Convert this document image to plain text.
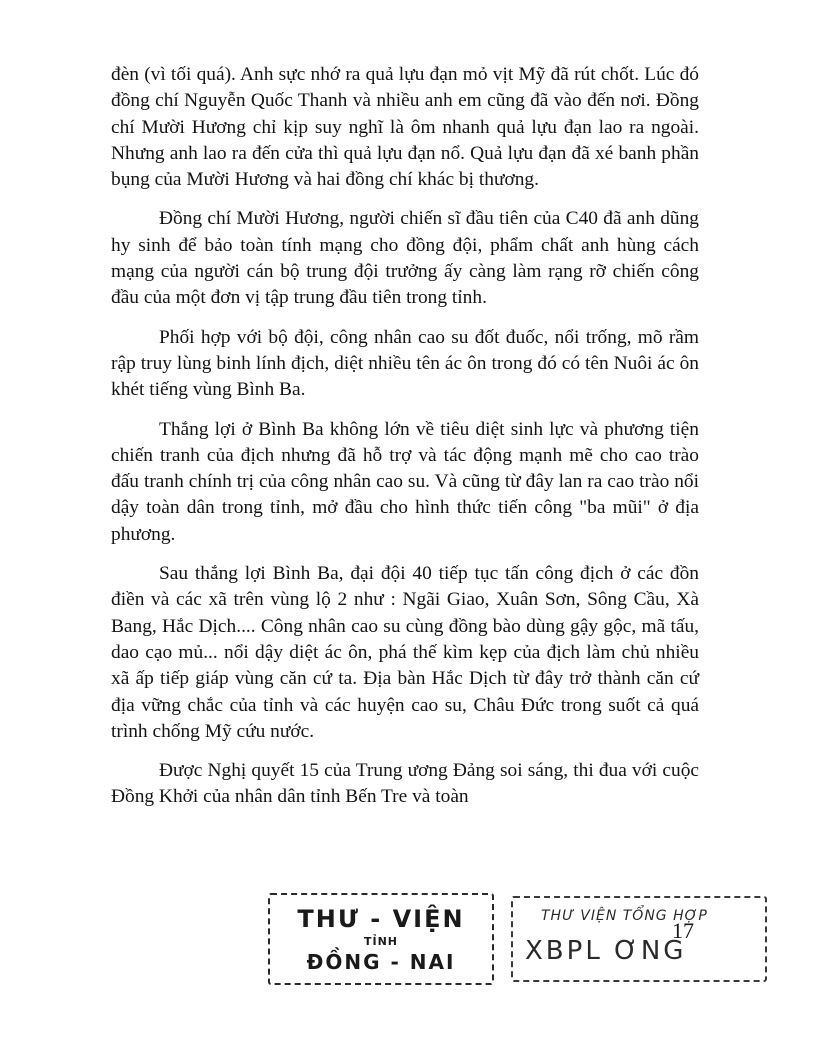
đèn (vì tối quá). Anh sực nhớ ra quả lựu đạn mỏ vịt Mỹ đã rút chốt. Lúc đó đồng chí Nguyễn Quốc Thanh và nhiều anh em cũng đã vào đến nơi. Đồng chí Mười Hương chỉ kịp suy nghĩ là ôm nhanh quả lựu đạn lao ra ngoài. Nhưng anh lao ra đến cửa thì quả lựu đạn nổ. Quả lựu đạn đã xé banh phần bụng của Mười Hương và hai đồng chí khác bị thương.

Đồng chí Mười Hương, người chiến sĩ đầu tiên của C40 đã anh dũng hy sinh để bảo toàn tính mạng cho đồng đội, phẩm chất anh hùng cách mạng của người cán bộ trung đội trưởng ấy càng làm rạng rỡ chiến công đầu của một đơn vị tập trung đầu tiên trong tỉnh.

Phối hợp với bộ đội, công nhân cao su đốt đuốc, nổi trống, mõ rầm rập truy lùng binh lính địch, diệt nhiều tên ác ôn trong đó có tên Nuôi ác ôn khét tiếng vùng Bình Ba.

Thắng lợi ở Bình Ba không lớn về tiêu diệt sinh lực và phương tiện chiến tranh của địch nhưng đã hỗ trợ và tác động mạnh mẽ cho cao trào đấu tranh chính trị của công nhân cao su. Và cũng từ đây lan ra cao trào nổi dậy toàn dân trong tỉnh, mở đầu cho hình thức tiến công "ba mũi" ở địa phương.

Sau thắng lợi Bình Ba, đại đội 40 tiếp tục tấn công địch ở các đồn điền và các xã trên vùng lộ 2 như : Ngãi Giao, Xuân Sơn, Sông Cầu, Xà Bang, Hắc Dịch.... Công nhân cao su cùng đồng bào dùng gậy gộc, mã tấu, dao cạo mủ... nổi dậy diệt ác ôn, phá thế kìm kẹp của địch làm chủ nhiều xã ấp tiếp giáp vùng căn cứ ta. Địa bàn Hắc Dịch từ đây trở thành căn cứ địa vững chắc của tỉnh và các huyện cao su, Châu Đức trong suốt cả quá trình chống Mỹ cứu nước.

Được Nghị quyết 15 của Trung ương Đảng soi sáng, thi đua với cuộc Đồng Khởi của nhân dân tỉnh Bến Tre và toàn

THƯ - VIỆN
TỈNH
ĐỒNG - NAI
THƯ VIỆN TỔNG HỢP
XBPL ƠNG
17
